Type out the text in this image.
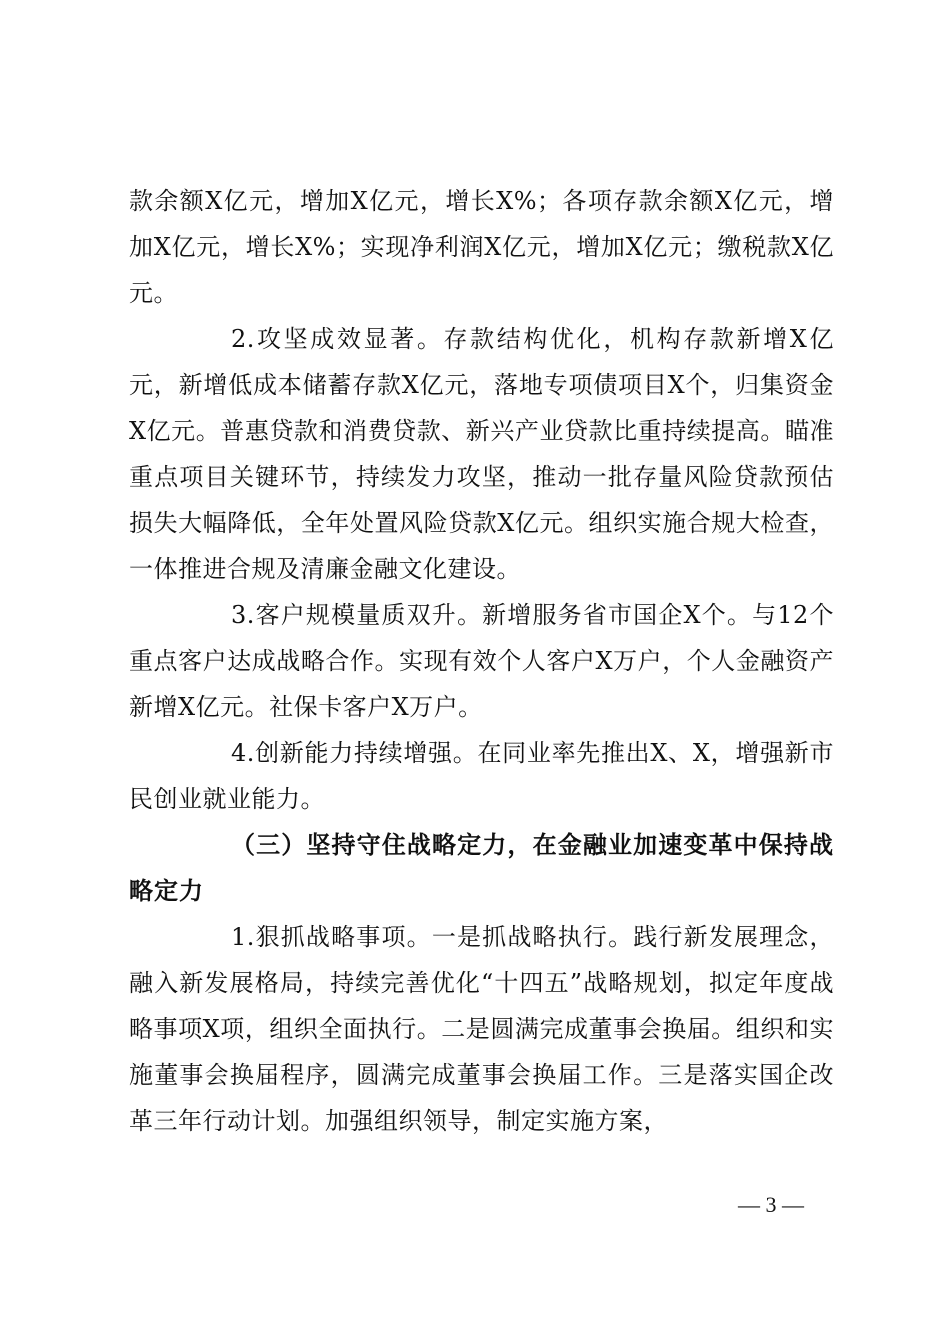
款余额X亿元，增加X亿元，增长X%；各项存款余额X亿元，增加X亿元，增长X%；实现净利润X亿元，增加X亿元；缴税款X亿元。

2.攻坚成效显著。存款结构优化，机构存款新增X亿元，新增低成本储蓄存款X亿元，落地专项债项目X个，归集资金X亿元。普惠贷款和消费贷款、新兴产业贷款比重持续提高。瞄准重点项目关键环节，持续发力攻坚，推动一批存量风险贷款预估损失大幅降低，全年处置风险贷款X亿元。组织实施合规大检查，一体推进合规及清廉金融文化建设。

3.客户规模量质双升。新增服务省市国企X个。与12个重点客户达成战略合作。实现有效个人客户X万户，个人金融资产新增X亿元。社保卡客户X万户。

4.创新能力持续增强。在同业率先推出X、X，增强新市民创业就业能力。

（三）坚持守住战略定力，在金融业加速变革中保持战略定力

1.狠抓战略事项。一是抓战略执行。践行新发展理念，融入新发展格局，持续完善优化“十四五”战略规划，拟定年度战略事项X项，组织全面执行。二是圆满完成董事会换届。组织和实施董事会换届程序，圆满完成董事会换届工作。三是落实国企改革三年行动计划。加强组织领导，制定实施方案，

— 3 —
